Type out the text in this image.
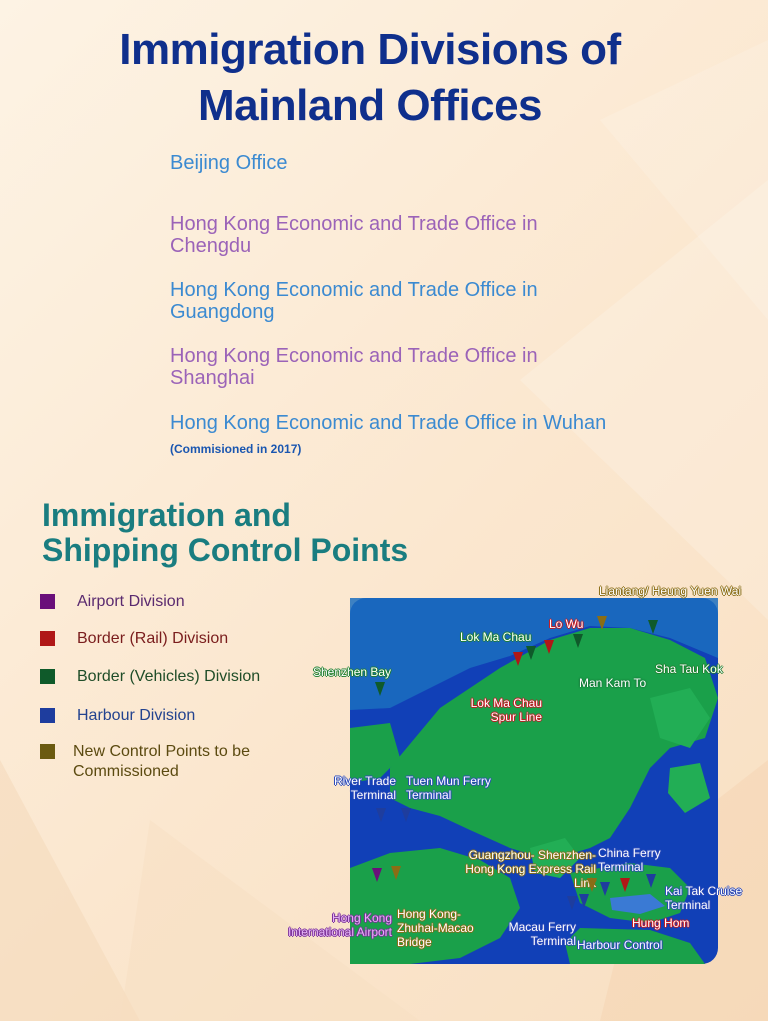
Immigration Divisions of Mainland Offices
Beijing Office
Hong Kong Economic and Trade Office in Chengdu
Hong Kong Economic and Trade Office in Guangdong
Hong Kong Economic and Trade Office in Shanghai
Hong Kong Economic and Trade Office in Wuhan
(Commisioned in 2017)
Immigration and Shipping Control Points
Airport Division
Border (Rail) Division
Border (Vehicles) Division
Harbour Division
New Control Points to be Commissioned
Liantang/ Heung Yuen Wai
Lok Ma Chau
Lo Wu
Shenzhen Bay	Sha Tau Kok
Man Kam To
Lok Ma Chau Spur Line
River Trade Terminal
Tuen Mun Ferry Terminal
Guangzhou- Shenzhen-Hong Kong Express Rail Link
China Ferry Terminal
Kai Tak Cruise Terminal
Hung Hom
Hong Kong International Airport
Hong Kong- Zhuhai-Macao Bridge
Macau Ferry Terminal Harbour Control
